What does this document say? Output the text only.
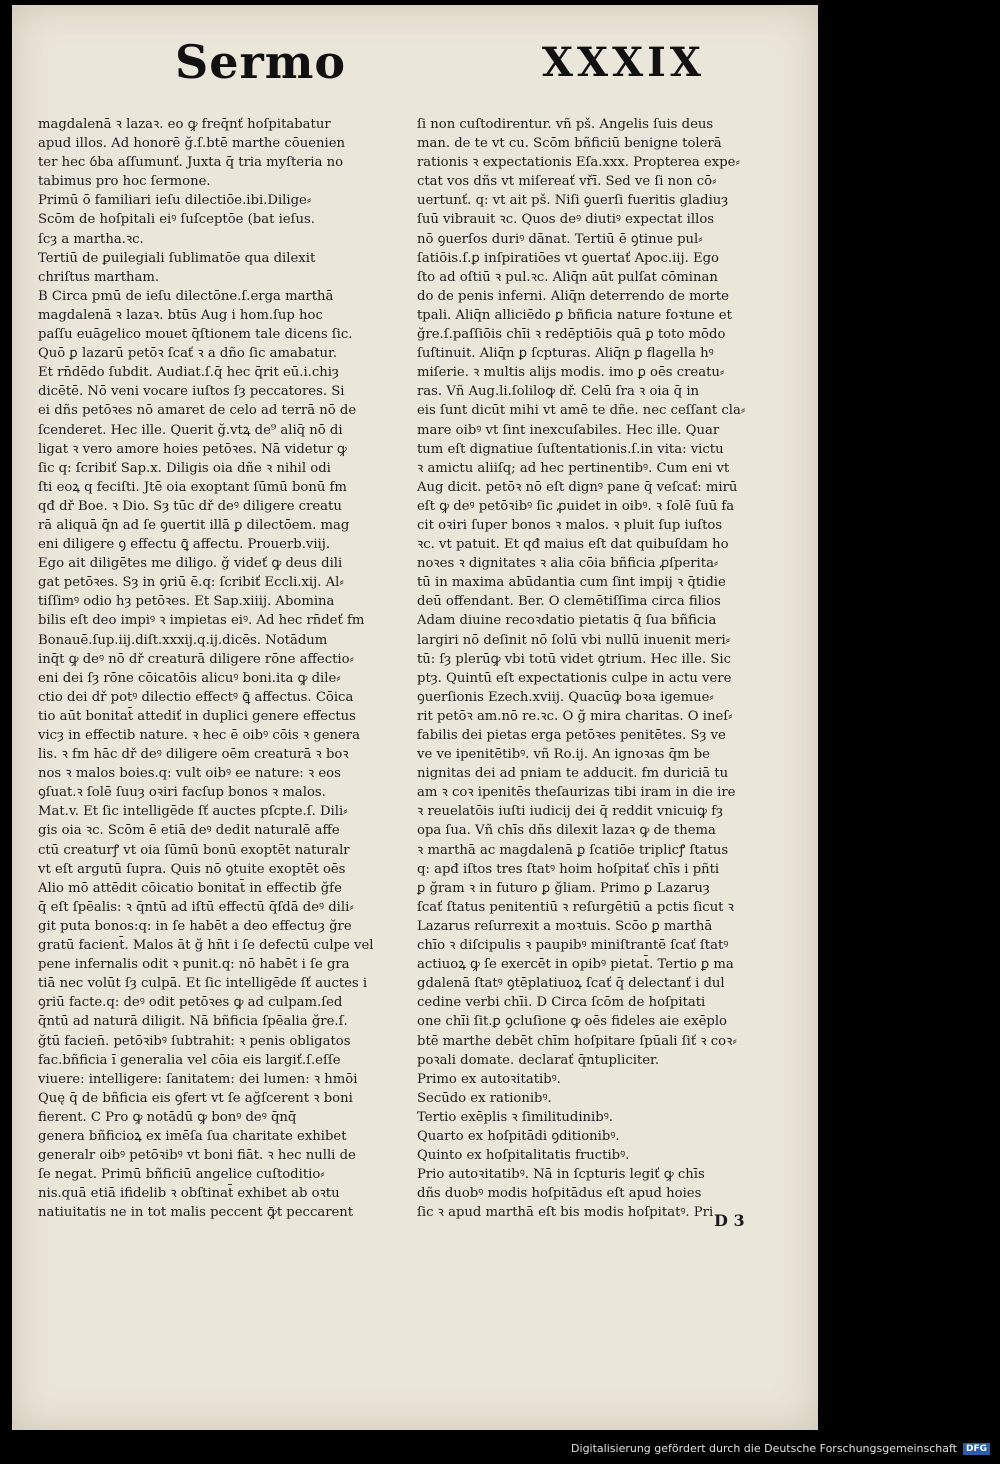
Sermo	XXXIX
magdalenā ꝛ lazaꝛ. eo ꝙ freq̄nť hoſpitabatur
apud illos. Ad honorē ğ.ſ.btē marthe cōuenien
ter hec ỽba aſſumunť. Juxta q̄ tria myſteria no
tabimus pro hoc ſermone.
Primū ō familiari ieſu dilectiōe.ibi.Dilige⸗
Scōm de hoſpitali eiꝰ ſuſceptōe (bat ieſus.
ſcȝ a martha.ꝛc.
Tertiū de ꝑuilegiali ſublimatōe qua dilexit
chriſtus martham.
B Circa pmū de ieſu dilectōne.ſ.erga marthā
magdalenā ꝛ lazaꝛ. btūs Aug i hom.ſup hoc
paſſu euāgelico mouet q̄ſtionem tale dicens ſic.
Quō ꝑ lazarū petōꝛ ſcať ꝛ a dño ſic amabatur.
Et rn̄dēdo ſubdit. Audiat.ſ.q̄ hec q̄rit eū.i.chiȝ
dicētē. Nō veni vocare iuſtos ſȝ peccatores. Si
ei dñs petōꝛes nō amaret de celo ad terrā nō de
ſcenderet. Hec ille. Querit ğ.vtꝝ de⁹ aliq̄ nō di
ligat ꝛ vero amore hoies petōꝛes. Nā videtur ꝙ
ſic q: ſcribiť Sap.x. Diligis oia dñe ꝛ nihil odi
ſti eoꝝ q feciſti. Jtē oia exoptant ſūmū bonū fm
qđ dř Boe. ꝛ Dio. Sȝ tūc dř deꝰ diligere creatu
rā aliquā q̄n ad ſe ꝯuertit illā ꝑ dilectōem. mag
eni diligere ꝯ effectu ꝗ̄ affectu. Prouerb.viij.
Ego ait diligētes me diligo. ğ videť ꝙ deus dili
gat petōꝛes. Sȝ in ꝯriū ē.q: ſcribiť Eccli.xij. Al⸗
tiſſimꝰ odio hȝ petōꝛes. Et Sap.xiiij. Abomina
bilis eſt deo impiꝰ ꝛ impietas eiꝰ. Ad hec rn̄deť fm
Bonauē.ſup.iij.diſt.xxxij.q.ij.dicēs. Notādum
inq̄t ꝙ deꝰ nō dř creaturā diligere rōne affectio⸗
eni dei ſȝ rōne cōicatōis alicuꝰ boni.ita ꝙ dile⸗
ctio dei dř potꝰ dilectio effectꝰ ꝗ̄ affectus. Cōica
tio aūt bonitat̄ attediť in duplici genere effectus
vicȝ in effectib nature. ꝛ hec ē oibꝰ cōis ꝛ genera
lis. ꝛ fm hāc dř deꝰ diligere oēm creaturā ꝛ boꝛ
nos ꝛ malos boies.q: vult oibꝰ ee nature: ꝛ eos
ꝯſuat.ꝛ ſolē ſuuȝ oꝛiri facſup bonos ꝛ malos.
Mat.v. Et ſic intelligēde ſť auctes pſcpte.ſ. Dili⸗
gis oia ꝛc. Scōm ē etiā deꝰ dedit naturalē affe
ctū creaturꝭ vt oia ſūmū bonū exoptēt naturalr
vt eſt argutū ſupra. Quis nō ꝯtuite exoptēt oēs
Alio mō attēdit cōicatio bonitat̄ in effectib ğfe
q̄ eſt ſpēalis: ꝛ q̄ntū ad iſtū effectū q̄ſdā deꝰ dili⸗
git puta bonos:q: in ſe habēt a deo effectuȝ ğre
gratū facient̄. Malos āt ğ hn̄t i ſe defectū culpe vel
pene infernalis odit ꝛ punit.q: nō habēt i ſe gra
tiā nec volūt ſȝ culpā. Et ſic intelligēde ſť auctes i
ꝯriū facte.q: deꝰ odit petōꝛes ꝙ ad culpam.ſed
q̄ntū ad naturā diligit. Nā bñficia ſpēalia ğre.ſ.
ğtū facien̄. petōꝛibꝰ ſubtrahit: ꝛ penis obligatos
fac.bñficia ı̄ generalia vel cōia eis largiť.ſ.eſſe
viuere: intelligere: ſanitatem: dei lumen: ꝛ hmōi
Quę q̄ de bñficia eis ꝯfert vt ſe ağſcerent ꝛ boni
fierent. C Pro ꝙ notādū ꝙ bonꝰ deꝰ q̄nq̄
genera bñficioꝝ ex imēſa ſua charitate exhibet
generalr oibꝰ petōꝛibꝰ vt boni fiāt. ꝛ hec nulli de
ſe negat. Primū bñficiū angelice cuſtoditio⸗
nis.quā etiā ifidelib ꝛ obſtinat̄ exhibet ab oꝛtu
natiuitatis ne in tot malis peccent ꝙ̄t peccarent
ſi non cuſtodirentur. vñ pš. Angelis ſuis deus
man. de te vt cu. Scōm bñficiū benigne tolerā
rationis ꝛ expectationis Eſa.xxx. Propterea expe⸗
ctat vos dñs vt miſereať vřī. Sed ve ſi non cō⸗
uertunť. q: vt ait pš. Niſi ꝯuerſi fueritis gladiuȝ
ſuū vibrauit ꝛc. Quos deꝰ diutiꝰ expectat illos
nō ꝯuerſos duriꝰ dānat. Tertiū ē ꝯtinue pul⸗
ſatiōis.ſ.ꝑ inſpiratiōes vt ꝯuertať Apoc.iij. Ego
ſto ad oſtiū ꝛ pul.ꝛc. Aliq̄n aūt pulſat cōminan
do de penis inferni. Aliq̄n deterrendo de morte
tpali. Aliq̄n alliciēdo ꝑ bñficia nature foꝛtune et
ğre.ſ.paſſiōis chīi ꝛ redēptiōis quā ꝑ toto mōdo
ſuſtinuit. Aliq̄n ꝑ ſcpturas. Aliq̄n ꝑ flagella hꝰ
miſerie. ꝛ multis alijs modis. imo ꝑ oēs creatu⸗
ras. Vñ Aug.li.ſoliloꝙ dř. Celū ſra ꝛ oia q̄ in
eis ſunt dicūt mihi vt amē te dñe. nec ceſſant cla⸗
mare oibꝰ vt ſint inexcuſabiles. Hec ille. Quar
tum eſt dignatiue ſuſtentationis.ſ.in vita: victu
ꝛ amictu aliiſq; ad hec pertinentibꝰ. Cum eni vt
Aug dicit. petōꝛ nō eſt dignꝰ pane q̄ veſcať: mirū
eſt ꝙ deꝰ petōꝛibꝰ ſic ꝓuidet in oibꝰ. ꝛ ſolē ſuū fa
cit oꝛiri ſuper bonos ꝛ malos. ꝛ pluit ſup iuſtos
ꝛc. vt patuit. Et qđ maius eſt dat quibuſdam ho
noꝛes ꝛ dignitates ꝛ alia cōia bñficia ꝓſperita⸗
tū in maxima abūdantia cum ſint impij ꝛ q̄tidie
deū offendant. Ber. O clemētiſſima circa filios
Adam diuine recoꝛdatio pietatis q̄ ſua bñficia
largiri nō deſinit nō ſolū vbi nullū inuenit meri⸗
tū: ſȝ plerūꝙ vbi totū videt ꝯtrium. Hec ille. Sic
ptȝ. Quintū eſt expectationis culpe in actu vere
ꝯuerſionis Ezech.xviij. Quacūꝙ boꝛa igemue⸗
rit petōꝛ am.nō re.ꝛc. O ğ mira charitas. O ineſ⸗
fabilis dei pietas erga petōꝛes penitētes. Sȝ ve
ve ve ipenitētibꝰ. vñ Ro.ij. An ignoꝛas q̄m be
nignitas dei ad pniam te adducit. fm duriciā tu
am ꝛ coꝛ ipenitēs theſaurizas tibi iram in die ire
ꝛ reuelatōis iuſti iudicij dei q̄ reddit vnicuiꝙ fȝ
opa ſua. Vñ chīs dñs dilexit lazaꝛ ꝙ de thema
ꝛ marthā ac magdalenā ꝑ ſcatiōe triplicꝭ ſtatus
q: apđ iſtos tres ſtatꝰ hoim hoſpitať chīs i pñti
ꝑ ğram ꝛ in futuro ꝑ ğliam. Primo ꝑ Lazaruȝ
ſcať ſtatus penitentiū ꝛ reſurgētiū a pctis ſicut ꝛ
Lazarus reſurrexit a moꝛtuis. Scōo ꝑ marthā
chīo ꝛ diſcipulis ꝛ paupibꝰ miniſtrantē ſcať ſtatꝰ
actiuoꝝ ꝙ ſe exercēt in opibꝰ pietat̄. Tertio ꝑ ma
gdalenā ſtatꝰ ꝯtēplatiuoꝝ ſcať q̄ delectanť i dul
cedine verbi chīi. D Circa ſcōm de hoſpitati
one chīi ſit.ꝑ ꝯcluſione ꝙ oēs fideles aie exēplo
btē marthe debēt chīm hoſpitare ſpūali ſiť ꝛ coꝛ⸗
poꝛali domate. declarať q̄ntupliciter.
Primo ex autoꝛitatibꝰ.
Secūdo ex rationibꝰ.
Tertio exēplis ꝛ ſimilitudinibꝰ.
Quarto ex hoſpitādi ꝯditionibꝰ.
Quinto ex hoſpitalitatis fructibꝰ.
Prio autoꝛitatibꝰ. Nā in ſcpturis legiť ꝙ chīs
dñs duobꝰ modis hoſpitādus eſt apud hoies
ſic ꝛ apud marthā eſt bis modis hoſpitatꝰ. Pri D 3
Digitalisierung gefördert durch die Deutsche Forschungsgemeinschaft	DFG
